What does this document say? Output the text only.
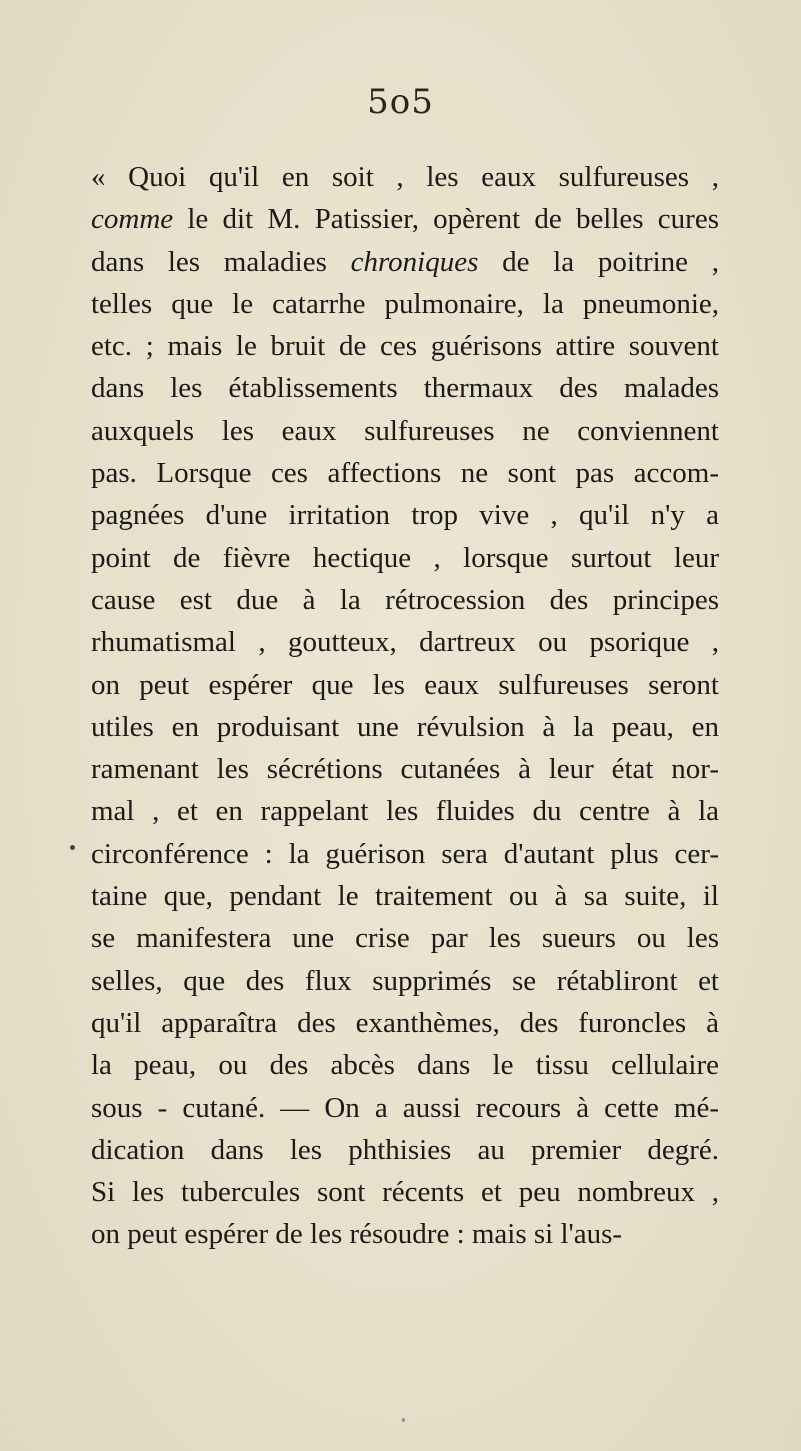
5o5
« Quoi qu'il en soit , les eaux sulfureuses ,
comme le dit M. Patissier, opèrent de belles cures
dans les maladies chroniques de la poitrine ,
telles que le catarrhe pulmonaire, la pneumonie,
etc. ; mais le bruit de ces guérisons attire souvent
dans les établissements thermaux des malades
auxquels les eaux sulfureuses ne conviennent
pas. Lorsque ces affections ne sont pas accom-
pagnées d'une irritation trop vive , qu'il n'y a
point de fièvre hectique , lorsque surtout leur
cause est due à la rétrocession des principes
rhumatismal , goutteux, dartreux ou psorique ,
on peut espérer que les eaux sulfureuses seront
utiles en produisant une révulsion à la peau, en
ramenant les sécrétions cutanées à leur état nor-
mal , et en rappelant les fluides du centre à la
circonférence : la guérison sera d'autant plus cer-
taine que, pendant le traitement ou à sa suite, il
se manifestera une crise par les sueurs ou les
selles, que des flux supprimés se rétabliront et
qu'il apparaîtra des exanthèmes, des furoncles à
la peau, ou des abcès dans le tissu cellulaire
sous - cutané. — On a aussi recours à cette mé-
dication dans les phthisies au premier degré.
Si les tubercules sont récents et peu nombreux ,
on peut espérer de les résoudre : mais si l'aus-
